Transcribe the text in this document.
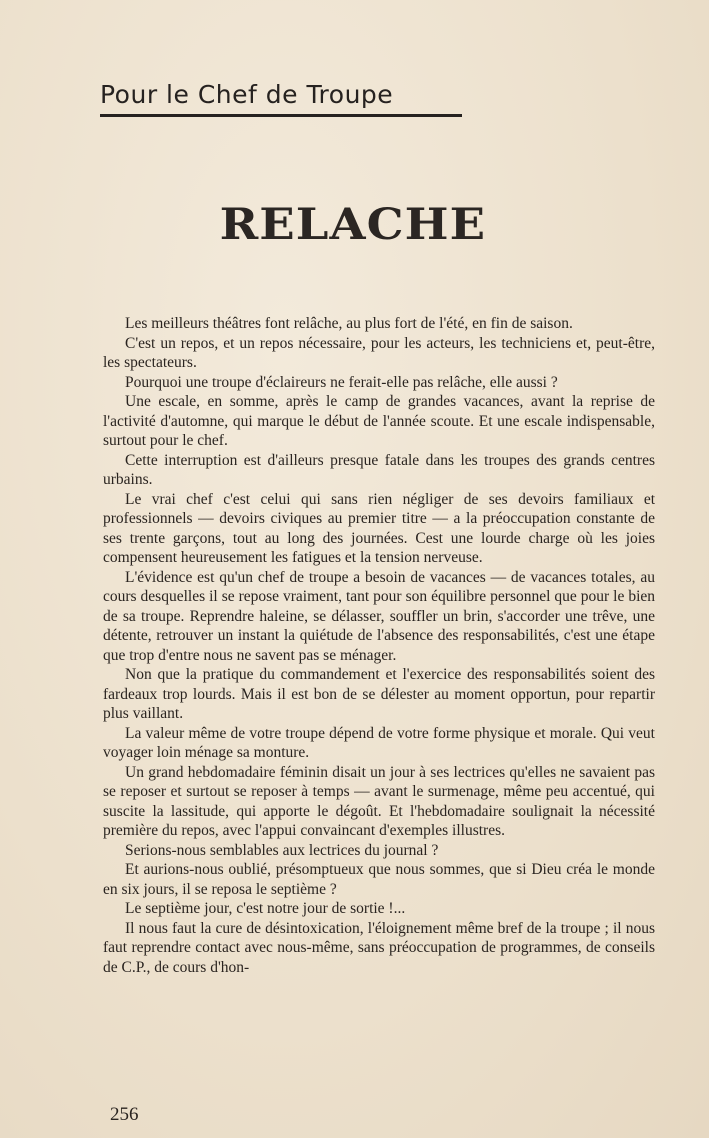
Pour le Chef de Troupe
RELACHE

Les meilleurs théâtres font relâche, au plus fort de l'été, en fin de saison.

C'est un repos, et un repos nécessaire, pour les acteurs, les techniciens et, peut-être, les spectateurs.

Pourquoi une troupe d'éclaireurs ne ferait-elle pas relâche, elle aussi ?

Une escale, en somme, après le camp de grandes vacances, avant la reprise de l'activité d'automne, qui marque le début de l'année scoute. Et une escale indispensable, surtout pour le chef.

Cette interruption est d'ailleurs presque fatale dans les troupes des grands centres urbains.

Le vrai chef c'est celui qui sans rien négliger de ses devoirs familiaux et professionnels — devoirs civiques au premier titre — a la préoccupation constante de ses trente garçons, tout au long des journées. Cest une lourde charge où les joies compensent heureusement les fatigues et la tension nerveuse.

L'évidence est qu'un chef de troupe a besoin de vacances — de vacances totales, au cours desquelles il se repose vraiment, tant pour son équilibre personnel que pour le bien de sa troupe. Reprendre haleine, se délasser, souffler un brin, s'accorder une trêve, une détente, retrouver un instant la quiétude de l'absence des responsabilités, c'est une étape que trop d'entre nous ne savent pas se ménager.

Non que la pratique du commandement et l'exercice des responsabilités soient des fardeaux trop lourds. Mais il est bon de se délester au moment opportun, pour repartir plus vaillant.

La valeur même de votre troupe dépend de votre forme physique et morale. Qui veut voyager loin ménage sa monture.

Un grand hebdomadaire féminin disait un jour à ses lectrices qu'elles ne savaient pas se reposer et surtout se reposer à temps — avant le surmenage, même peu accentué, qui suscite la lassitude, qui apporte le dégoût. Et l'hebdomadaire soulignait la nécessité première du repos, avec l'appui convaincant d'exemples illustres.

Serions-nous semblables aux lectrices du journal ?

Et aurions-nous oublié, présomptueux que nous sommes, que si Dieu créa le monde en six jours, il se reposa le septième ?

Le septième jour, c'est notre jour de sortie !...

Il nous faut la cure de désintoxication, l'éloignement même bref de la troupe ; il nous faut reprendre contact avec nous-même, sans préoccupation de programmes, de conseils de C.P., de cours d'hon-

256
